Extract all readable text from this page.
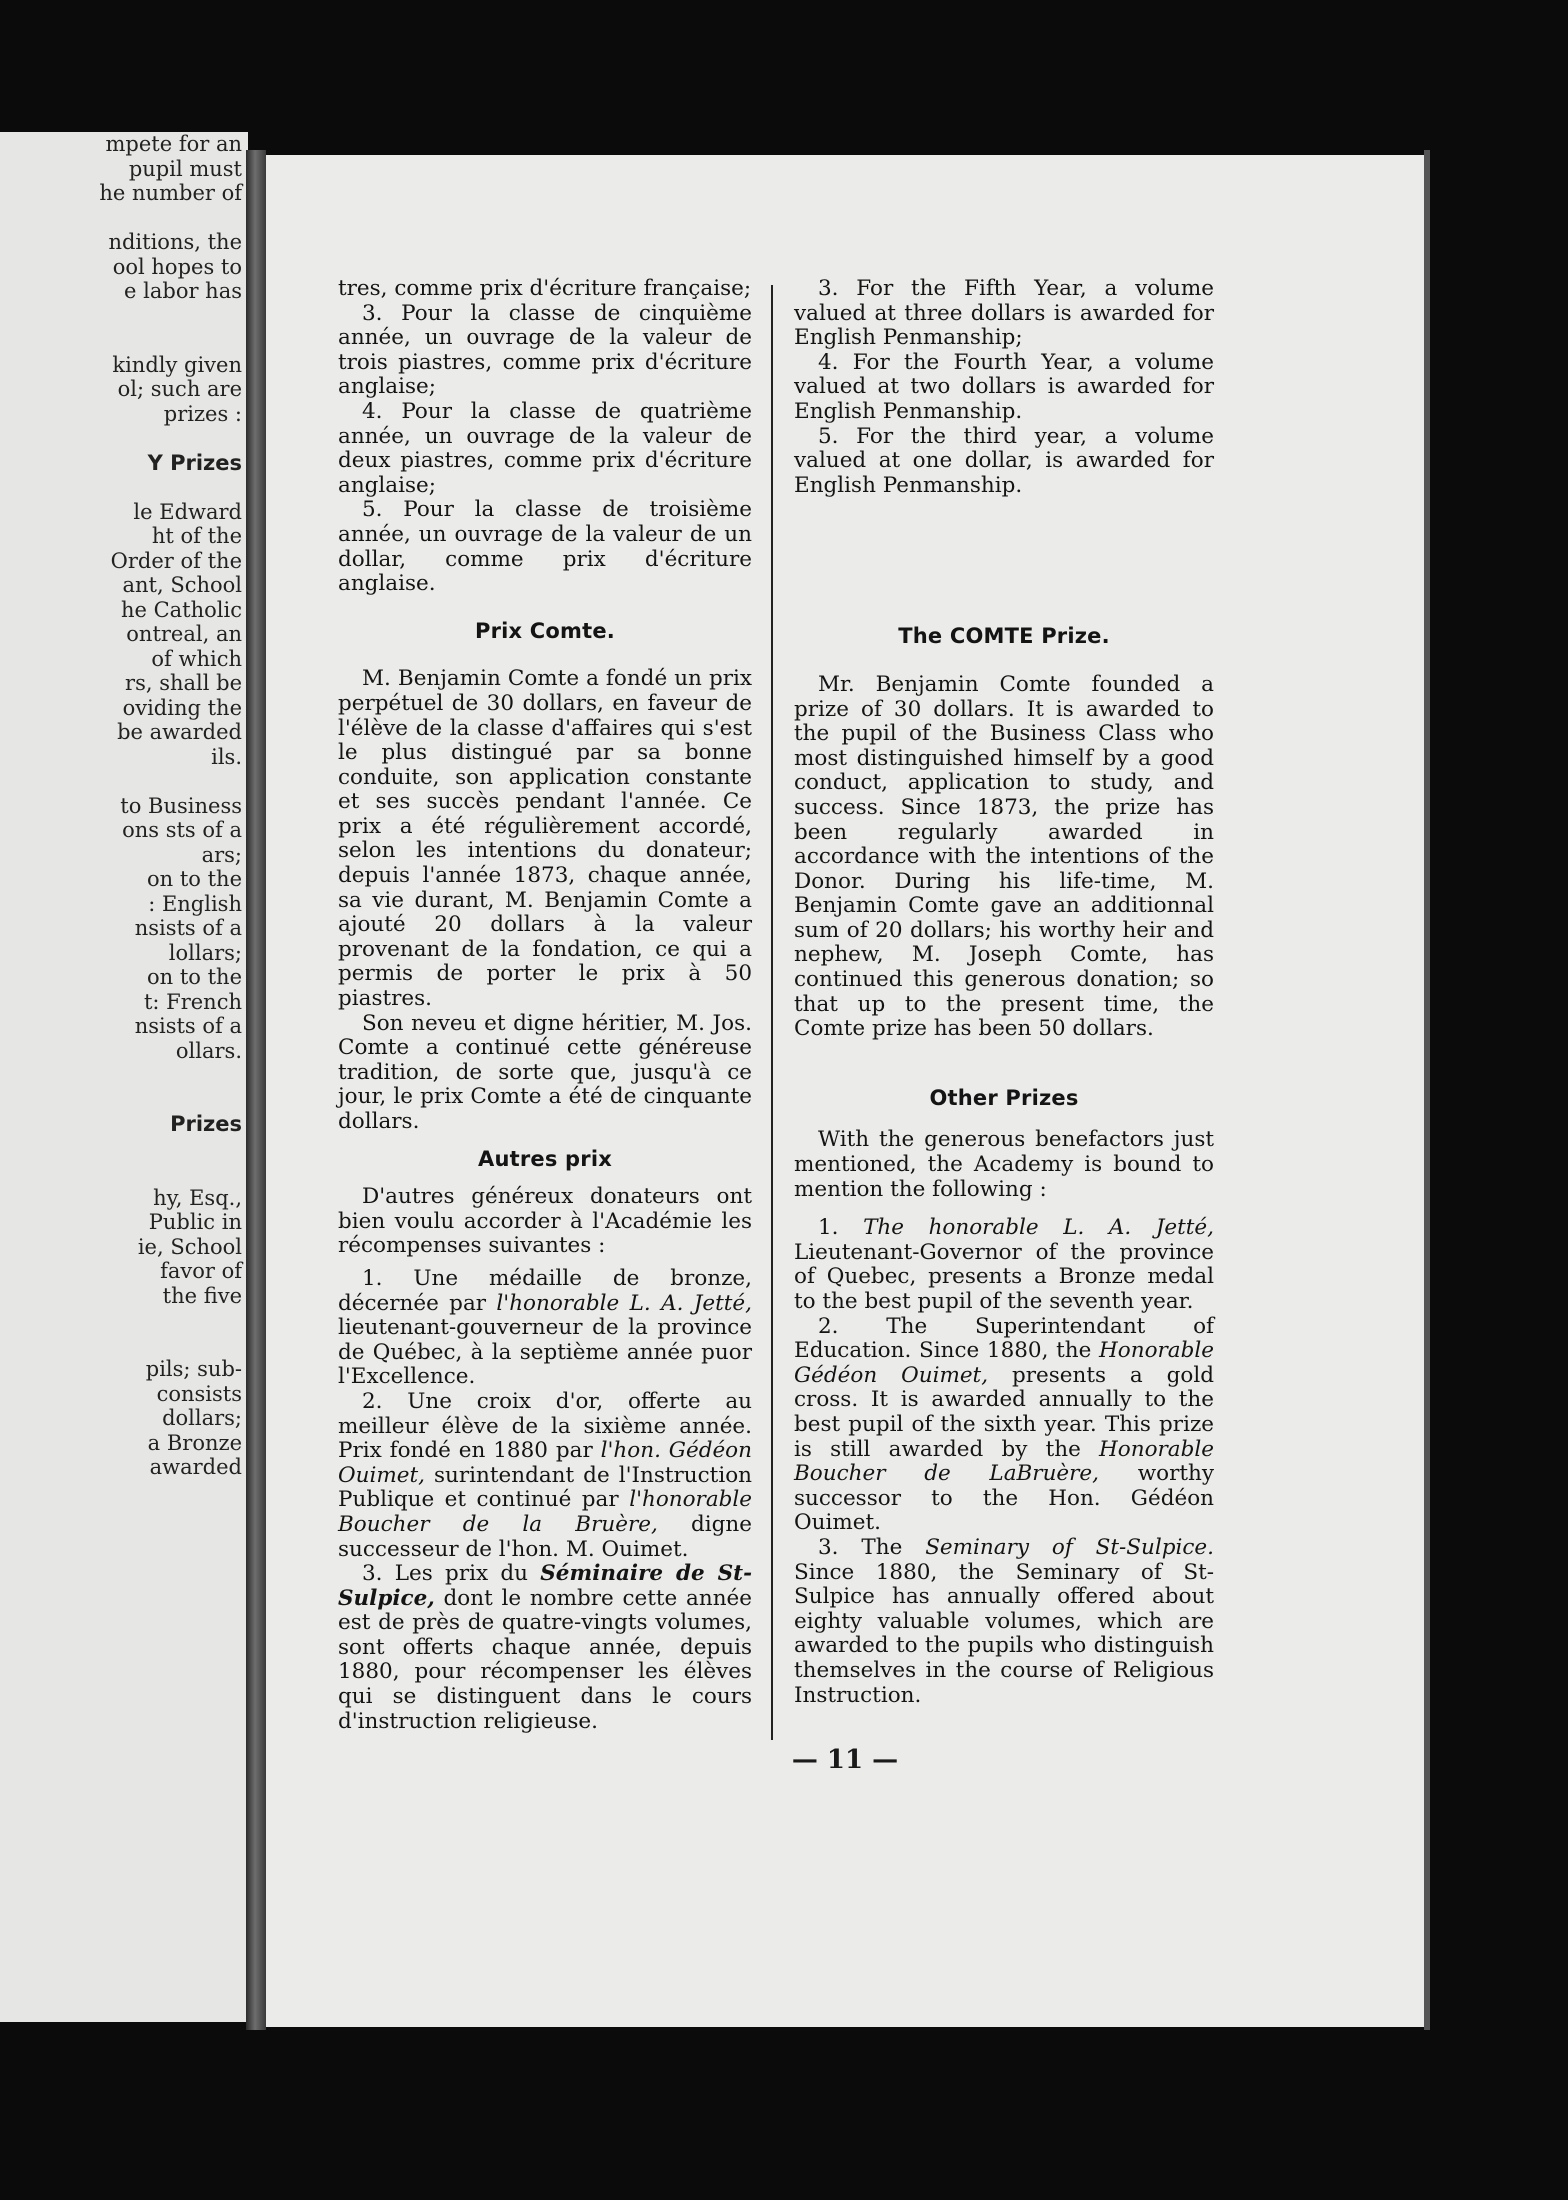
mpete for an
pupil must
he number of
nditions, the
ool hopes to
e labor has
kindly given
ol; such are
prizes :
Y Prizes
le Edward
ht of the
Order of the
ant, School
he Catholic
ontreal, an
of which
rs, shall be
oviding the
be awarded
ils.
to Business
ons sts of a
ars;
on to the
: English
nsists of a
lollars;
on to the
t: French
nsists of a
ollars.
Prizes
hy, Esq.,
Public in
ie, School
favor of
the five
pils; sub-
consists
dollars;
a Bronze
awarded

tres, comme prix d'écriture française;

3. Pour la classe de cinquième année, un ouvrage de la valeur de trois piastres, comme prix d'écriture anglaise;

4. Pour la classe de quatrième année, un ouvrage de la valeur de deux piastres, comme prix d'écriture anglaise;

5. Pour la classe de troisième année, un ouvrage de la valeur de un dollar, comme prix d'écriture anglaise.

Prix Comte.

M. Benjamin Comte a fondé un prix perpétuel de 30 dollars, en faveur de l'élève de la classe d'affaires qui s'est le plus distingué par sa bonne conduite, son application constante et ses succès pendant l'année. Ce prix a été régulièrement accordé, selon les intentions du donateur; depuis l'année 1873, chaque année, sa vie durant, M. Benjamin Comte a ajouté 20 dollars à la valeur provenant de la fondation, ce qui a permis de porter le prix à 50 piastres.

Son neveu et digne héritier, M. Jos. Comte a continué cette généreuse tradition, de sorte que, jusqu'à ce jour, le prix Comte a été de cinquante dollars.

Autres prix

D'autres généreux donateurs ont bien voulu accorder à l'Académie les récompenses suivantes :

1. Une médaille de bronze, décernée par l'honorable L. A. Jetté, lieutenant-gouverneur de la province de Québec, à la septième année puor l'Excellence.

2. Une croix d'or, offerte au meilleur élève de la sixième année. Prix fondé en 1880 par l'hon. Gédéon Ouimet, surintendant de l'Instruction Publique et continué par l'honorable Boucher de la Bruère, digne successeur de l'hon. M. Ouimet.

3. Les prix du Séminaire de St-Sulpice, dont le nombre cette année est de près de quatre-vingts volumes, sont offerts chaque année, depuis 1880, pour récompenser les élèves qui se distinguent dans le cours d'instruction religieuse.

3. For the Fifth Year, a volume valued at three dollars is awarded for English Penmanship;

4. For the Fourth Year, a volume valued at two dollars is awarded for English Penmanship.

5. For the third year, a volume valued at one dollar, is awarded for English Penmanship.

The COMTE Prize.

Mr. Benjamin Comte founded a prize of 30 dollars. It is awarded to the pupil of the Business Class who most distinguished himself by a good conduct, application to study, and success. Since 1873, the prize has been regularly awarded in accordance with the intentions of the Donor. During his life-time, M. Benjamin Comte gave an additionnal sum of 20 dollars; his worthy heir and nephew, M. Joseph Comte, has continued this generous donation; so that up to the present time, the Comte prize has been 50 dollars.

Other Prizes

With the generous benefactors just mentioned, the Academy is bound to mention the following :

1. The honorable L. A. Jetté, Lieutenant-Governor of the province of Quebec, presents a Bronze medal to the best pupil of the seventh year.

2. The Superintendant of Education. Since 1880, the Honorable Gédéon Ouimet, presents a gold cross. It is awarded annually to the best pupil of the sixth year. This prize is still awarded by the Honorable Boucher de LaBruère, worthy successor to the Hon. Gédéon Ouimet.

3. The Seminary of St-Sulpice. Since 1880, the Seminary of St-Sulpice has annually offered about eighty valuable volumes, which are awarded to the pupils who distinguish themselves in the course of Religious Instruction.

— 11 —
